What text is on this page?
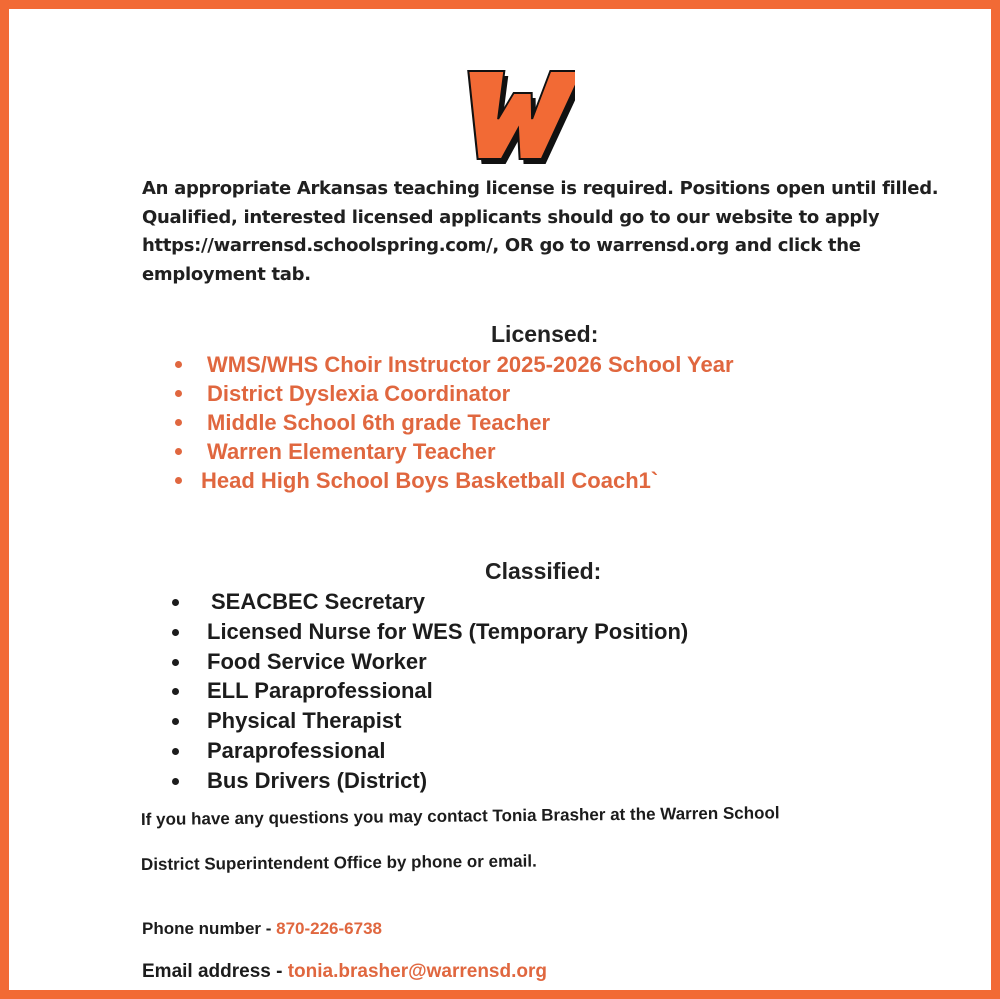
An appropriate Arkansas teaching license is required. Positions open until filled.
Qualified, interested licensed applicants should go to our website to apply
https://warrensd.schoolspring.com/, OR go to warrensd.org and click the
employment tab.
Licensed:
WMS/WHS Choir Instructor 2025-2026 School Year
District Dyslexia Coordinator
Middle School 6th grade Teacher
Warren Elementary Teacher
Head High School Boys Basketball Coach1`
Classified:
SEACBEC Secretary
Licensed Nurse for WES (Temporary Position)
Food Service Worker
ELL Paraprofessional
Physical Therapist
Paraprofessional
Bus Drivers (District)
If you have any questions you may contact Tonia Brasher at the Warren School
District Superintendent Office by phone or email.
Phone number - 870-226-6738
Email address - tonia.brasher@warrensd.org
